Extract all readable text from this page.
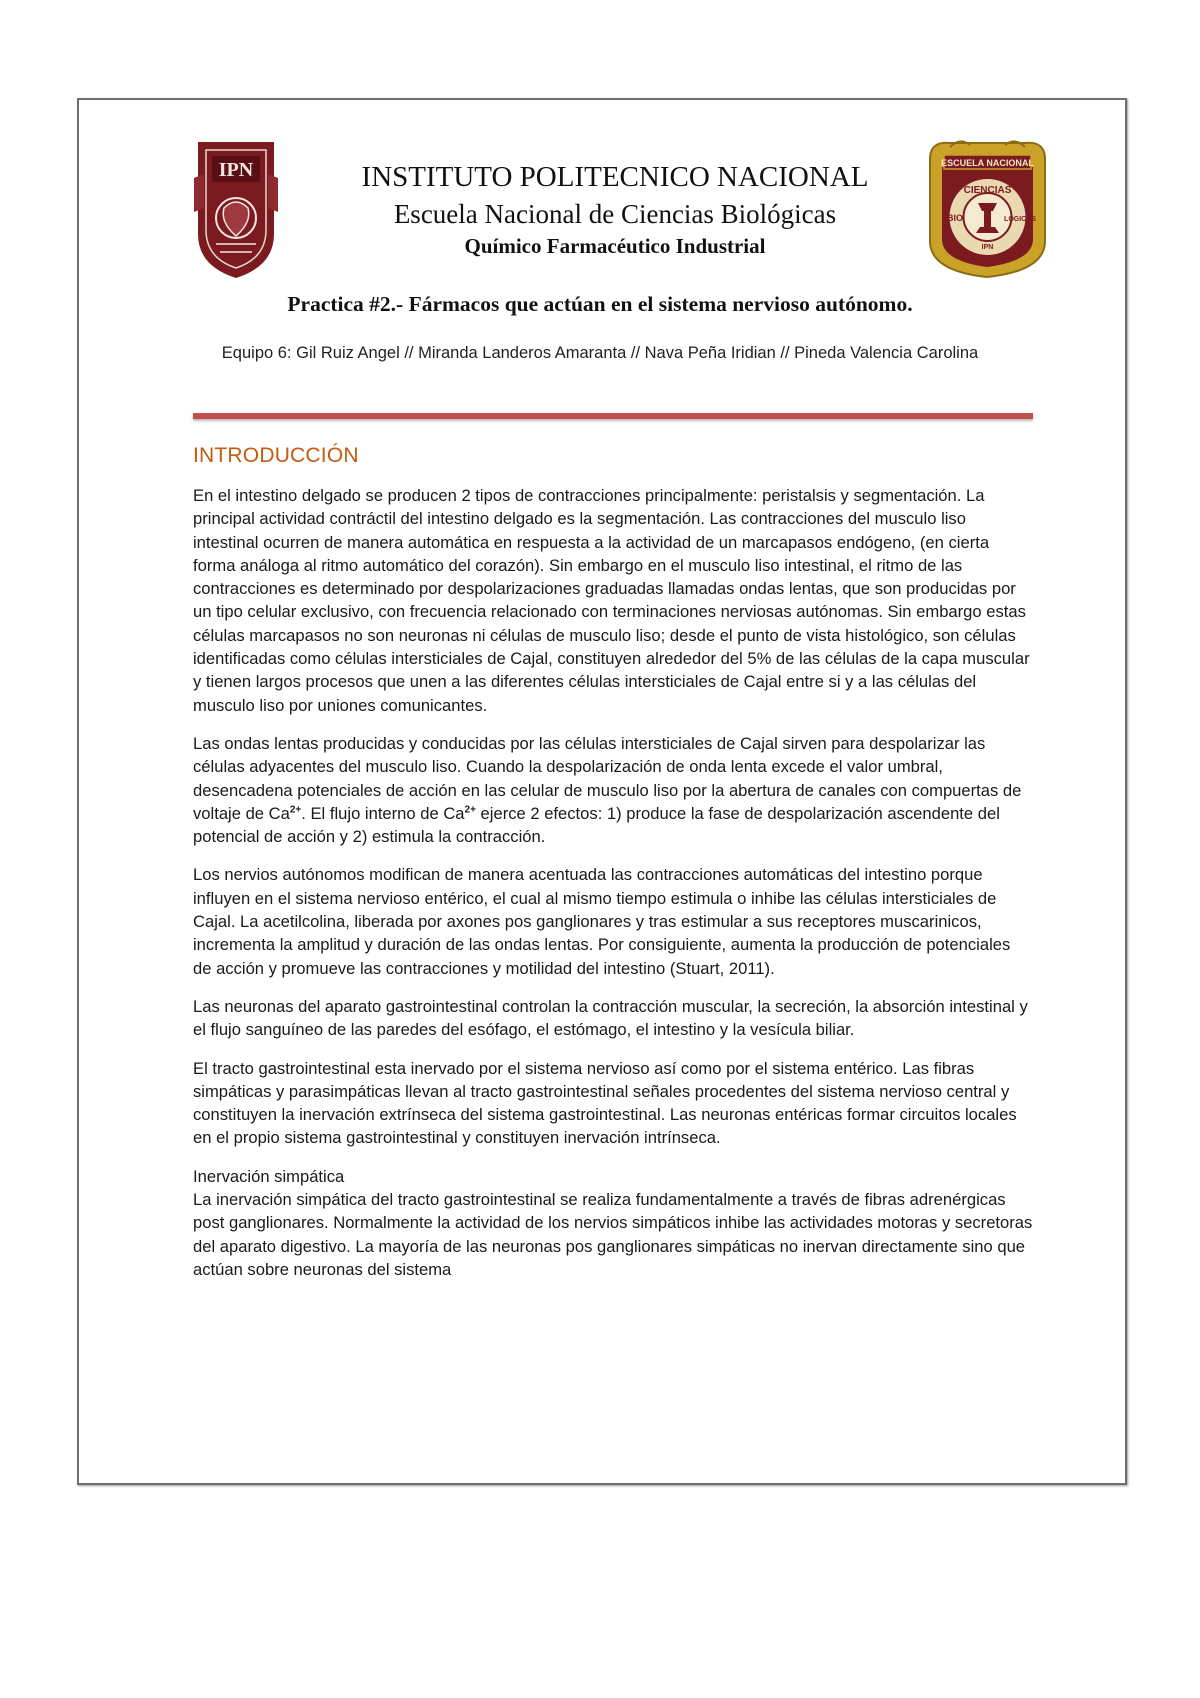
IPN	ESCUELA NACIONAL
CIENCIAS
BIO	LOGICAS
IPN
INSTITUTO POLITECNICO NACIONAL
Escuela Nacional de Ciencias Biológicas
Químico Farmacéutico Industrial
Practica #2.- Fármacos que actúan en el sistema nervioso autónomo.
Equipo 6: Gil Ruiz Angel // Miranda Landeros Amaranta // Nava Peña Iridian // Pineda Valencia Carolina
INTRODUCCIÓN

En el intestino delgado se producen 2 tipos de contracciones principalmente: peristalsis y segmentación. La principal actividad contráctil del intestino delgado es la segmentación. Las contracciones del musculo liso intestinal ocurren de manera automática en respuesta a la actividad de un marcapasos endógeno, (en cierta forma análoga al ritmo automático del corazón). Sin embargo en el musculo liso intestinal, el ritmo de las contracciones es determinado por despolarizaciones graduadas llamadas ondas lentas, que son producidas por un tipo celular exclusivo, con frecuencia relacionado con terminaciones nerviosas autónomas. Sin embargo estas células marcapasos no son neuronas ni células de musculo liso; desde el punto de vista histológico, son células identificadas como células intersticiales de Cajal, constituyen alrededor del 5% de las células de la capa muscular y tienen largos procesos que unen a las diferentes células intersticiales de Cajal entre si y a las células del musculo liso por uniones comunicantes.

Las ondas lentas producidas y conducidas por las células intersticiales de Cajal sirven para despolarizar las células adyacentes del musculo liso. Cuando la despolarización de onda lenta excede el valor umbral, desencadena potenciales de acción en las celular de musculo liso por la abertura de canales con compuertas de voltaje de $Ca^{2+}$. El flujo interno de $Ca^{2+}$ ejerce 2 efectos: 1) produce la fase de despolarización ascendente del potencial de acción y 2) estimula la contracción.

Los nervios autónomos modifican de manera acentuada las contracciones automáticas del intestino porque influyen en el sistema nervioso entérico, el cual al mismo tiempo estimula o inhibe las células intersticiales de Cajal. La acetilcolina, liberada por axones pos ganglionares y tras estimular a sus receptores muscarinicos, incrementa la amplitud y duración de las ondas lentas. Por consiguiente, aumenta la producción de potenciales de acción y promueve las contracciones y motilidad del intestino (Stuart, 2011).

Las neuronas del aparato gastrointestinal controlan la contracción muscular, la secreción, la absorción intestinal y el flujo sanguíneo de las paredes del esófago, el estómago, el intestino y la vesícula biliar.

El tracto gastrointestinal esta inervado por el sistema nervioso así como por el sistema entérico. Las fibras simpáticas y parasimpáticas llevan al tracto gastrointestinal señales procedentes del sistema nervioso central y constituyen la inervación extrínseca del sistema gastrointestinal. Las neuronas entéricas formar circuitos locales en el propio sistema gastrointestinal y constituyen inervación intrínseca.

Inervación simpática

La inervación simpática del tracto gastrointestinal se realiza fundamentalmente a través de fibras adrenérgicas post ganglionares. Normalmente la actividad de los nervios simpáticos inhibe las actividades motoras y secretoras del aparato digestivo. La mayoría de las neuronas pos ganglionares simpáticas no inervan directamente sino que actúan sobre neuronas del sistema
